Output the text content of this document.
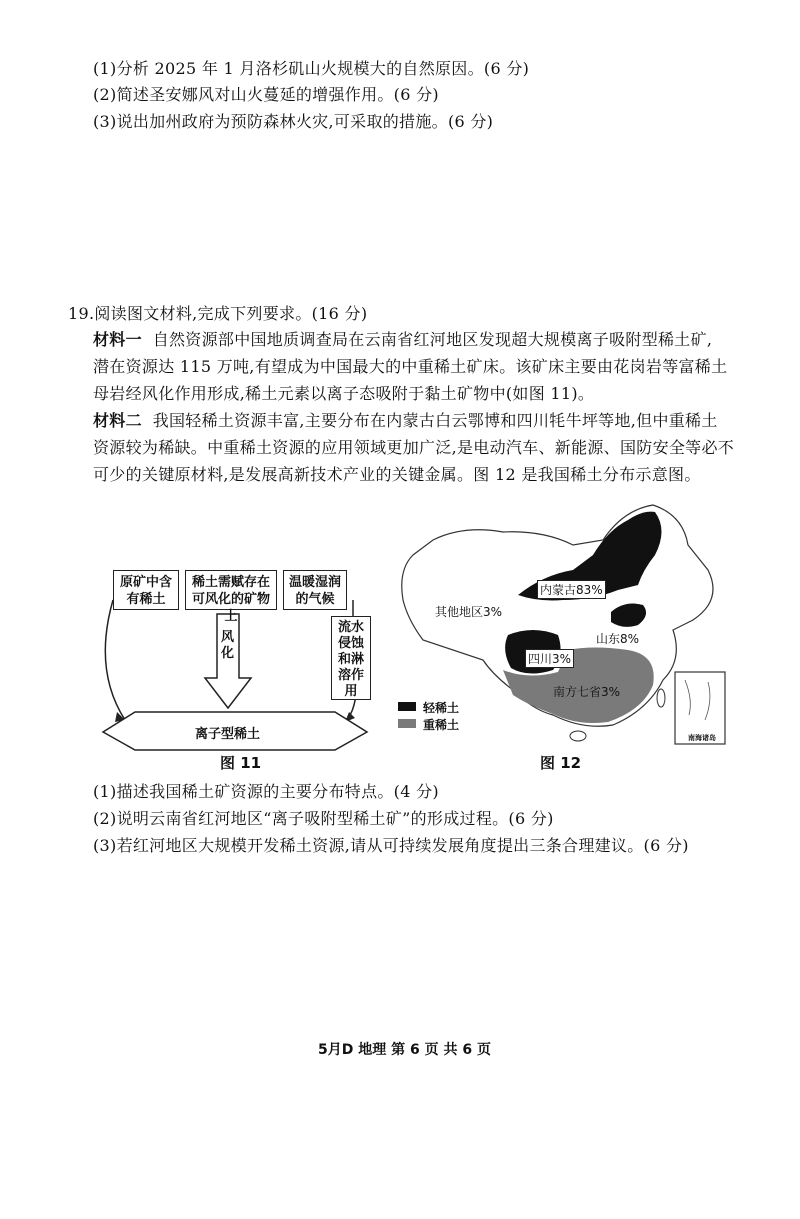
(1)分析 2025 年 1 月洛杉矶山火规模大的自然原因。(6 分)
(2)简述圣安娜风对山火蔓延的增强作用。(6 分)
(3)说出加州政府为预防森林火灾,可采取的措施。(6 分)
19.阅读图文材料,完成下列要求。(16 分)
材料一 自然资源部中国地质调查局在云南省红河地区发现超大规模离子吸附型稀土矿,
潜在资源达 115 万吨,有望成为中国最大的中重稀土矿床。该矿床主要由花岗岩等富稀土
母岩经风化作用形成,稀土元素以离子态吸附于黏土矿物中(如图 11)。
材料二 我国轻稀土资源丰富,主要分布在内蒙古白云鄂博和四川牦牛坪等地,但中重稀土
资源较为稀缺。中重稀土资源的应用领域更加广泛,是电动汽车、新能源、国防安全等必不
可少的关键原材料,是发展高新技术产业的关键金属。图 12 是我国稀土分布示意图。
原矿中含有稀土
稀土需赋存在可风化的矿物上
温暖湿润的气候
风化
流水侵蚀和淋溶作用
离子型稀土
图 11
内蒙古83%
其他地区3%
山东8%
四川3%
南方七省3%
轻稀土
重稀土
南海诸岛
图 12
(1)描述我国稀土矿资源的主要分布特点。(4 分)
(2)说明云南省红河地区“离子吸附型稀土矿”的形成过程。(6 分)
(3)若红河地区大规模开发稀土资源,请从可持续发展角度提出三条合理建议。(6 分)
5月D 地理 第 6 页 共 6 页
